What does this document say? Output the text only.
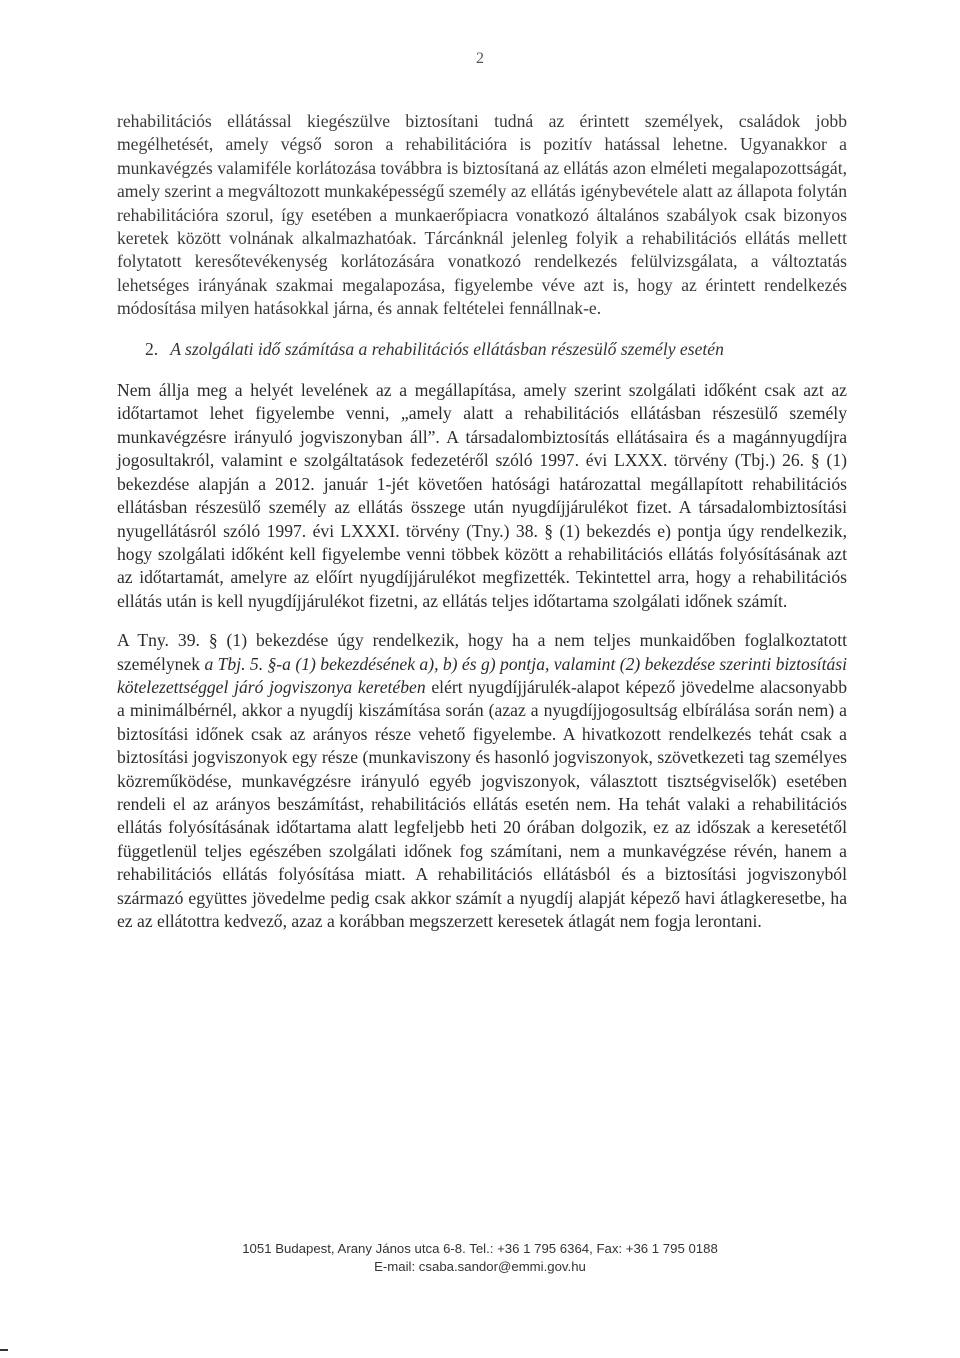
2

rehabilitációs ellátással kiegészülve biztosítani tudná az érintett személyek, családok jobb megélhetését, amely végső soron a rehabilitációra is pozitív hatással lehetne. Ugyanakkor a munkavégzés valamiféle korlátozása továbbra is biztosítaná az ellátás azon elméleti megalapozottságát, amely szerint a megváltozott munkaképességű személy az ellátás igénybevétele alatt az állapota folytán rehabilitációra szorul, így esetében a munkaerőpiacra vonatkozó általános szabályok csak bizonyos keretek között volnának alkalmazhatóak. Tárcánknál jelenleg folyik a rehabilitációs ellátás mellett folytatott keresőtevékenység korlátozására vonatkozó rendelkezés felülvizsgálata, a változtatás lehetséges irányának szakmai megalapozása, figyelembe véve azt is, hogy az érintett rendelkezés módosítása milyen hatásokkal járna, és annak feltételei fennállnak-e.

2. A szolgálati idő számítása a rehabilitációs ellátásban részesülő személy esetén

Nem állja meg a helyét levelének az a megállapítása, amely szerint szolgálati időként csak azt az időtartamot lehet figyelembe venni, „amely alatt a rehabilitációs ellátásban részesülő személy munkavégzésre irányuló jogviszonyban áll”. A társadalombiztosítás ellátásaira és a magánnyugdíjra jogosultakról, valamint e szolgáltatások fedezetéről szóló 1997. évi LXXX. törvény (Tbj.) 26. § (1) bekezdése alapján a 2012. január 1-jét követően hatósági határozattal megállapított rehabilitációs ellátásban részesülő személy az ellátás összege után nyugdíjjárulékot fizet. A társadalombiztosítási nyugellátásról szóló 1997. évi LXXXI. törvény (Tny.) 38. § (1) bekezdés e) pontja úgy rendelkezik, hogy szolgálati időként kell figyelembe venni többek között a rehabilitációs ellátás folyósításának azt az időtartamát, amelyre az előírt nyugdíjjárulékot megfizették. Tekintettel arra, hogy a rehabilitációs ellátás után is kell nyugdíjjárulékot fizetni, az ellátás teljes időtartama szolgálati időnek számít.

A Tny. 39. § (1) bekezdése úgy rendelkezik, hogy ha a nem teljes munkaidőben foglalkoztatott személynek a Tbj. 5. §-a (1) bekezdésének a), b) és g) pontja, valamint (2) bekezdése szerinti biztosítási kötelezettséggel járó jogviszonya keretében elért nyugdíjjárulék-alapot képező jövedelme alacsonyabb a minimálbérnél, akkor a nyugdíj kiszámítása során (azaz a nyugdíjjogosultság elbírálása során nem) a biztosítási időnek csak az arányos része vehető figyelembe. A hivatkozott rendelkezés tehát csak a biztosítási jogviszonyok egy része (munkaviszony és hasonló jogviszonyok, szövetkezeti tag személyes közreműködése, munkavégzésre irányuló egyéb jogviszonyok, választott tisztségviselők) esetében rendeli el az arányos beszámítást, rehabilitációs ellátás esetén nem. Ha tehát valaki a rehabilitációs ellátás folyósításának időtartama alatt legfeljebb heti 20 órában dolgozik, ez az időszak a keresetétől függetlenül teljes egészében szolgálati időnek fog számítani, nem a munkavégzése révén, hanem a rehabilitációs ellátás folyósítása miatt. A rehabilitációs ellátásból és a biztosítási jogviszonyból származó együttes jövedelme pedig csak akkor számít a nyugdíj alapját képező havi átlagkeresetbe, ha ez az ellátottra kedvező, azaz a korábban megszerzett keresetek átlagát nem fogja lerontani.

1051 Budapest, Arany János utca 6-8. Tel.: +36 1 795 6364, Fax: +36 1 795 0188
E-mail: csaba.sandor@emmi.gov.hu
